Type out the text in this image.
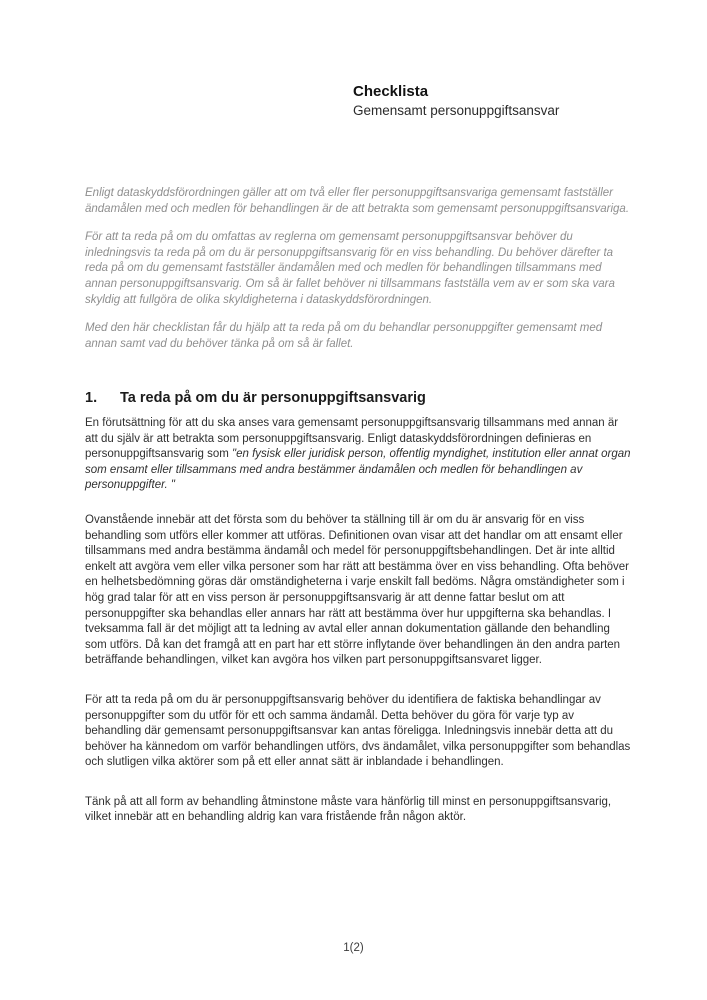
Checklista
Gemensamt personuppgiftsansvar

Enligt dataskyddsförordningen gäller att om två eller fler personuppgiftsansvariga gemensamt fastställer ändamålen med och medlen för behandlingen är de att betrakta som gemensamt personuppgiftsansvariga.

För att ta reda på om du omfattas av reglerna om gemensamt personuppgiftsansvar behöver du inledningsvis ta reda på om du är personuppgiftsansvarig för en viss behandling. Du behöver därefter ta reda på om du gemensamt fastställer ändamålen med och medlen för behandlingen tillsammans med annan personuppgiftsansvarig. Om så är fallet behöver ni tillsammans fastställa vem av er som ska vara skyldig att fullgöra de olika skyldigheterna i dataskyddsförordningen.

Med den här checklistan får du hjälp att ta reda på om du behandlar personuppgifter gemensamt med annan samt vad du behöver tänka på om så är fallet.

1.	Ta reda på om du är personuppgiftsansvarig

En förutsättning för att du ska anses vara gemensamt personuppgiftsansvarig tillsammans med annan är att du själv är att betrakta som personuppgiftsansvarig. Enligt dataskyddsförordningen definieras en personuppgiftsansvarig som "en fysisk eller juridisk person, offentlig myndighet, institution eller annat organ som ensamt eller tillsammans med andra bestämmer ändamålen och medlen för behandlingen av personuppgifter. "

Ovanstående innebär att det första som du behöver ta ställning till är om du är ansvarig för en viss behandling som utförs eller kommer att utföras. Definitionen ovan visar att det handlar om att ensamt eller tillsammans med andra bestämma ändamål och medel för personuppgiftsbehandlingen. Det är inte alltid enkelt att avgöra vem eller vilka personer som har rätt att bestämma över en viss behandling. Ofta behöver en helhetsbedömning göras där omständigheterna i varje enskilt fall bedöms. Några omständigheter som i hög grad talar för att en viss person är personuppgiftsansvarig är att denne fattar beslut om att personuppgifter ska behandlas eller annars har rätt att bestämma över hur uppgifterna ska behandlas. I tveksamma fall är det möjligt att ta ledning av avtal eller annan dokumentation gällande den behandling som utförs. Då kan det framgå att en part har ett större inflytande över behandlingen än den andra parten beträffande behandlingen, vilket kan avgöra hos vilken part personuppgiftsansvaret ligger.

För att ta reda på om du är personuppgiftsansvarig behöver du identifiera de faktiska behandlingar av personuppgifter som du utför för ett och samma ändamål. Detta behöver du göra för varje typ av behandling där gemensamt personuppgiftsansvar kan antas föreligga. Inledningsvis innebär detta att du behöver ha kännedom om varför behandlingen utförs, dvs ändamålet, vilka personuppgifter som behandlas och slutligen vilka aktörer som på ett eller annat sätt är inblandade i behandlingen.

Tänk på att all form av behandling åtminstone måste vara hänförlig till minst en personuppgiftsansvarig, vilket innebär att en behandling aldrig kan vara fristående från någon aktör.

1(2)
